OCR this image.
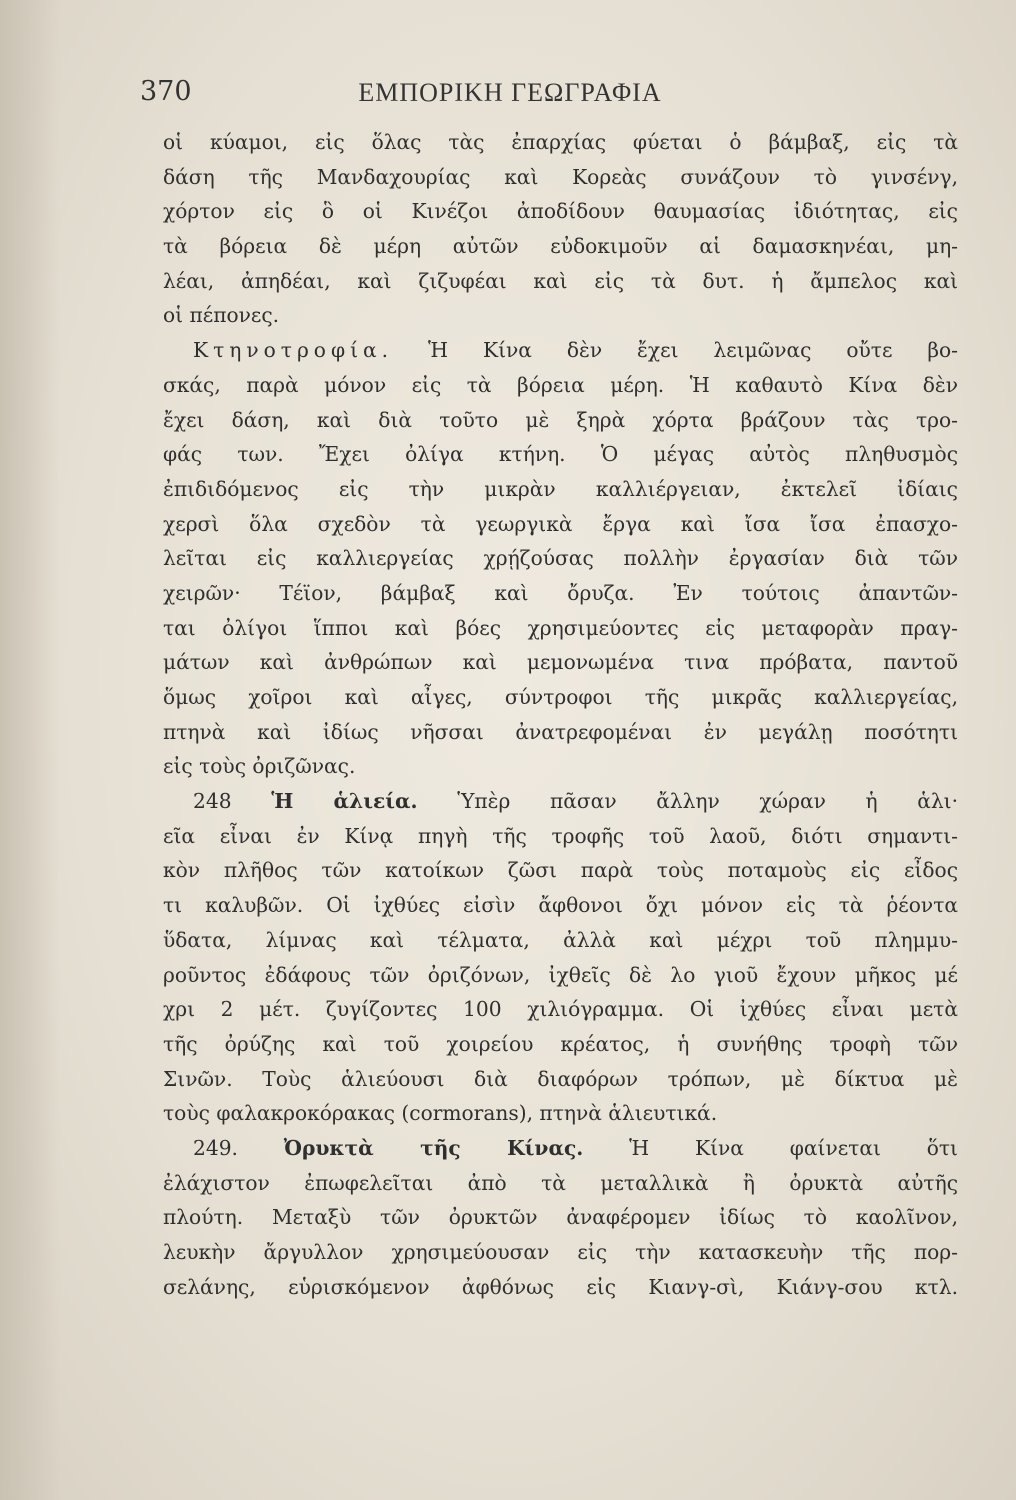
370	ΕΜΠΟΡΙΚΗ ΓΕΩΓΡΑΦΙΑ
οἱ κύαμοι, εἰς ὅλας τὰς ἐπαρχίας φύεται ὁ βάμβαξ, εἰς τὰ
δάση τῆς Μανδαχουρίας καὶ Κορεὰς συνάζουν τὸ γινσένγ,
χόρτον εἰς ὃ οἱ Κινέζοι ἀποδίδουν θαυμασίας ἰδιότητας, εἰς
τὰ βόρεια δὲ μέρη αὐτῶν εὐδοκιμοῦν αἱ δαμασκηνέαι, μη-
λέαι, ἀπηδέαι, καὶ ζιζυφέαι καὶ εἰς τὰ δυτ. ἡ ἄμπελος καὶ
οἱ πέπονες.
Κτηνοτροφία. Ἡ Κίνα δὲν ἔχει λειμῶνας οὔτε βο-
σκάς, παρὰ μόνον εἰς τὰ βόρεια μέρη. Ἡ καθαυτὸ Κίνα δὲν
ἔχει δάση, καὶ διὰ τοῦτο μὲ ξηρὰ χόρτα βράζουν τὰς τρο-
φάς των. Ἔχει ὀλίγα κτήνη. Ὁ μέγας αὐτὸς πληθυσμὸς
ἐπιδιδόμενος εἰς τὴν μικρὰν καλλιέργειαν, ἐκτελεῖ ἰδίαις
χερσὶ ὅλα σχεδὸν τὰ γεωργικὰ ἔργα καὶ ἴσα ἴσα ἐπασχο-
λεῖται εἰς καλλιεργείας χρῄζούσας πολλὴν ἐργασίαν διὰ τῶν
χειρῶν· Τέϊον, βάμβαξ καὶ ὄρυζα. Ἐν τούτοις ἀπαντῶν-
ται ὀλίγοι ἵπποι καὶ βόες χρησιμεύοντες εἰς μεταφορὰν πραγ-
μάτων καὶ ἀνθρώπων καὶ μεμονωμένα τινα πρόβατα, παντοῦ
ὅμως χοῖροι καὶ αἶγες, σύντροφοι τῆς μικρᾶς καλλιεργείας,
πτηνὰ καὶ ἰδίως νῆσσαι ἀνατρεφομέναι ἐν μεγάλῃ ποσότητι
εἰς τοὺς ὀριζῶνας.
248 Ἡ ἁλιεία. Ὑπὲρ πᾶσαν ἄλλην χώραν ἡ ἁλι·
εῖα εἶναι ἐν Κίνᾳ πηγὴ τῆς τροφῆς τοῦ λαοῦ, διότι σημαντι-
κὸν πλῆθος τῶν κατοίκων ζῶσι παρὰ τοὺς ποταμοὺς εἰς εἶδος
τι καλυβῶν. Οἱ ἰχθύες εἰσὶν ἄφθονοι ὄχι μόνον εἰς τὰ ῥέοντα
ὕδατα, λίμνας καὶ τέλματα, ἀλλὰ καὶ μέχρι τοῦ πλημμυ-
ροῦντος ἐδάφους τῶν ὀριζόνων, ἰχθεῖς δὲ λο γιοῦ ἔχουν μῆκος μέ
χρι 2 μέτ. ζυγίζοντες 100 χιλιόγραμμα. Οἱ ἰχθύες εἶναι μετὰ
τῆς ὀρύζης καὶ τοῦ χοιρείου κρέατος, ἡ συνήθης τροφὴ τῶν
Σινῶν. Τοὺς ἁλιεύουσι διὰ διαφόρων τρόπων, μὲ δίκτυα μὲ
τοὺς φαλακροκόρακας (cormorans), πτηνὰ ἁλιευτικά.
249. Ὀρυκτὰ τῆς Κίνας. Ἡ Κίνα φαίνεται ὅτι
ἐλάχιστον ἐπωφελεῖται ἀπὸ τὰ μεταλλικὰ ἢ ὀρυκτὰ αὐτῆς
πλούτη. Μεταξὺ τῶν ὀρυκτῶν ἀναφέρομεν ἰδίως τὸ καολῖνον,
λευκὴν ἄργυλλον χρησιμεύουσαν εἰς τὴν κατασκευὴν τῆς πορ-
σελάνης, εὑρισκόμενον ἀφθόνως εἰς Κιανγ-σὶ, Κιάνγ-σου κτλ.
